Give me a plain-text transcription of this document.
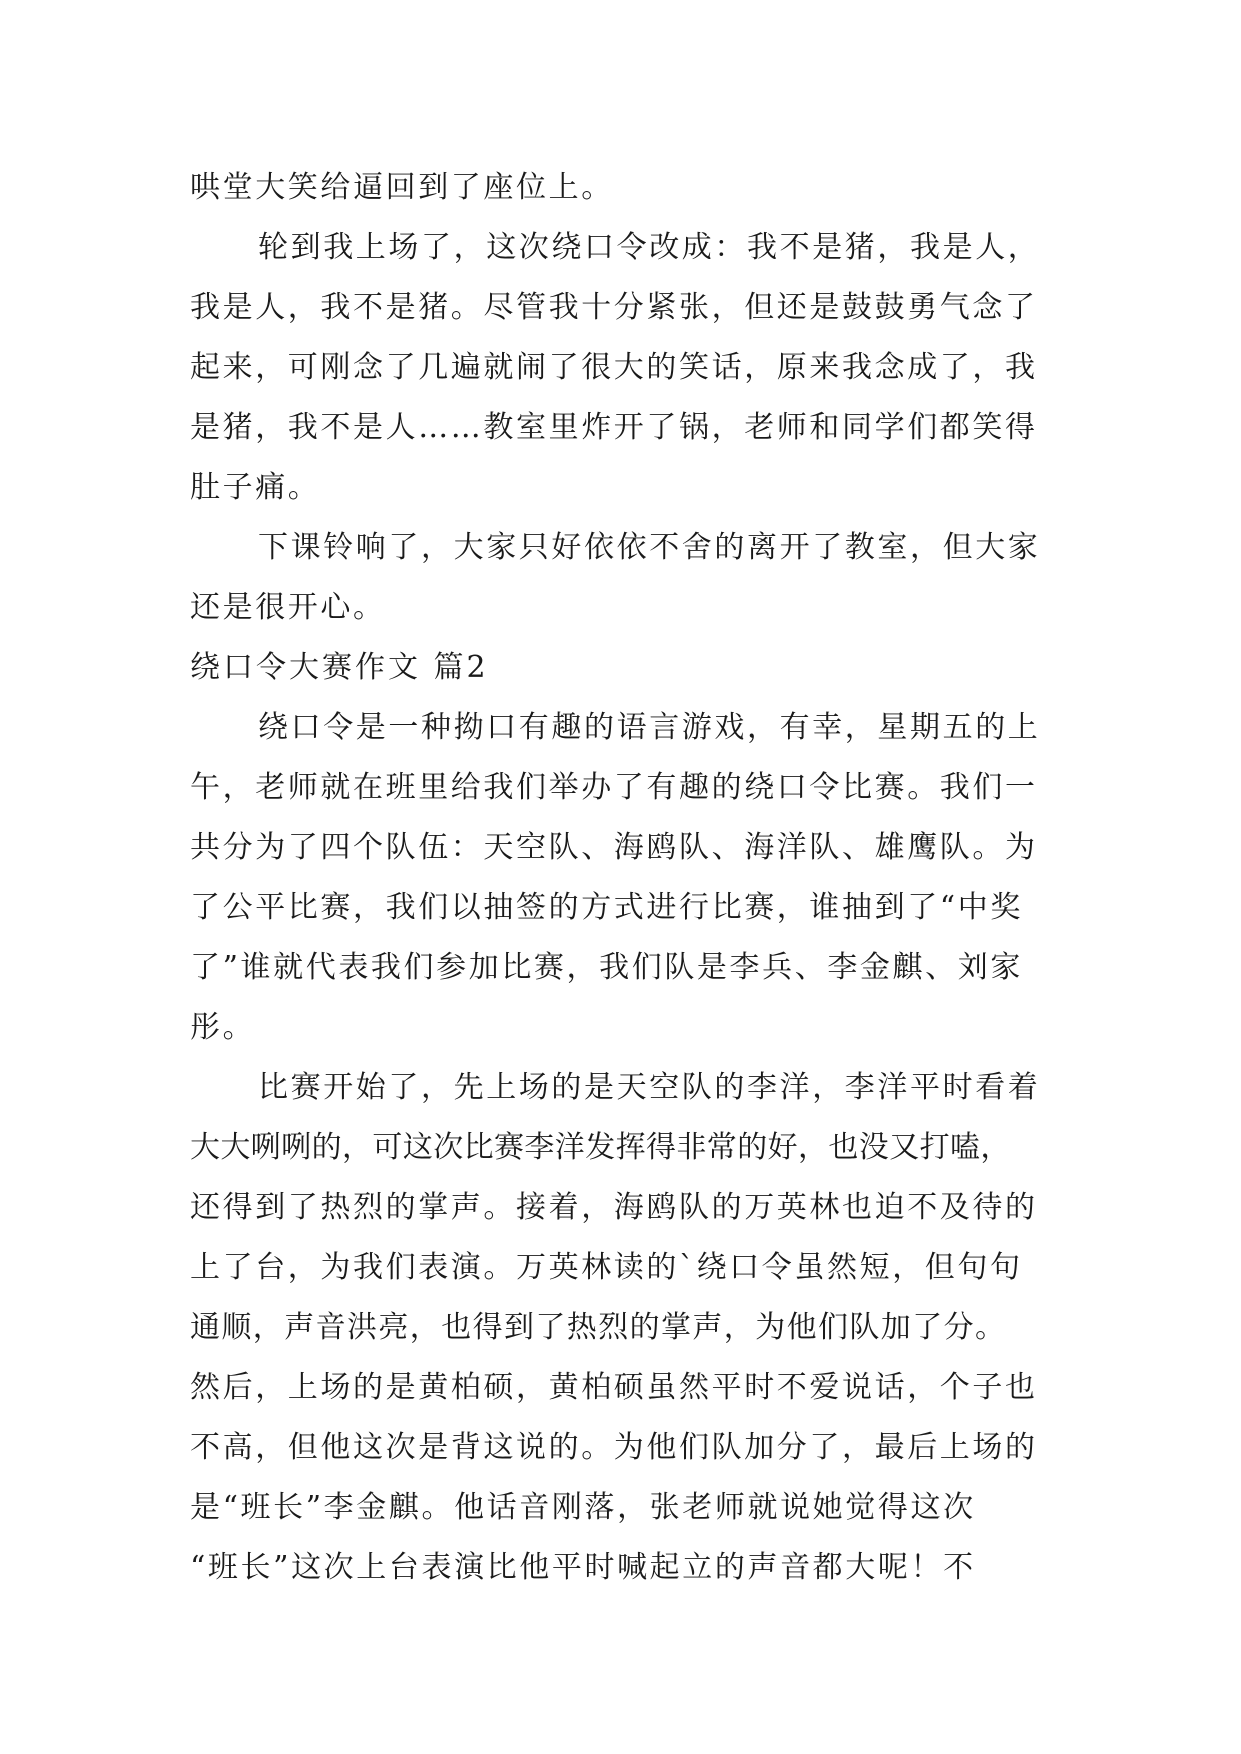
哄堂大笑给逼回到了座位上。
轮到我上场了，这次绕口令改成：我不是猪，我是人，
我是人，我不是猪。尽管我十分紧张，但还是鼓鼓勇气念了
起来，可刚念了几遍就闹了很大的笑话，原来我念成了，我
是猪，我不是人……教室里炸开了锅，老师和同学们都笑得
肚子痛。
下课铃响了，大家只好依依不舍的离开了教室，但大家
还是很开心。
绕口令大赛作文 篇2
绕口令是一种拗口有趣的语言游戏，有幸，星期五的上
午，老师就在班里给我们举办了有趣的绕口令比赛。我们一
共分为了四个队伍：天空队、海鸥队、海洋队、雄鹰队。为
了公平比赛，我们以抽签的方式进行比赛，谁抽到了“中奖
了”谁就代表我们参加比赛，我们队是李兵、李金麒、刘家
彤。
比赛开始了，先上场的是天空队的李洋，李洋平时看着
大大咧咧的，可这次比赛李洋发挥得非常的好，也没又打嗑，
还得到了热烈的掌声。接着，海鸥队的万英林也迫不及待的
上了台，为我们表演。万英林读的`绕口令虽然短，但句句
通顺，声音洪亮，也得到了热烈的掌声，为他们队加了分。
然后，上场的是黄柏硕，黄柏硕虽然平时不爱说话，个子也
不高，但他这次是背这说的。为他们队加分了，最后上场的
是“班长”李金麒。他话音刚落，张老师就说她觉得这次
“班长”这次上台表演比他平时喊起立的声音都大呢！不
